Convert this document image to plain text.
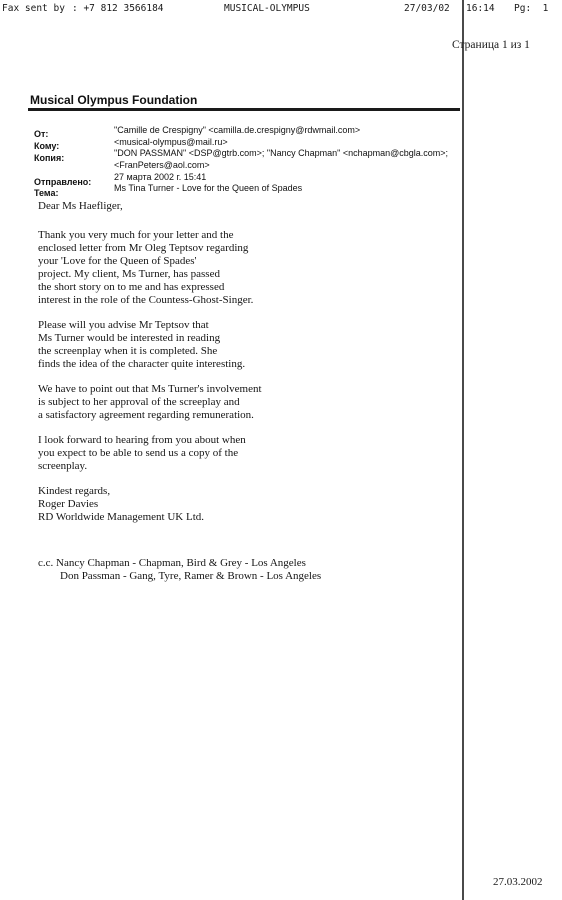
Fax sent by : +7 812 3566184	MUSICAL-OLYMPUS	27/03/02 16:14 Pg:  1
Страница 1 из 1
Musical Olympus Foundation
От:	"Camille de Crespigny" <camilla.de.crespigny@rdwmail.com>
Кому:	<musical-olympus@mail.ru>
Копия:	"DON PASSMAN" <DSP@gtrb.com>; "Nancy Chapman" <nchapman@cbgla.com>;
<FranPeters@aol.com>
Отправлено:	27 марта 2002 г. 15:41
Тема:	Ms Tina Turner - Love for the Queen of Spades
Dear Ms Haefliger,
Thank you very much for your letter and the
enclosed letter from Mr Oleg Teptsov regarding
your 'Love for the Queen of Spades'
project. My client, Ms Turner, has passed
the short story on to me and has expressed
interest in the role of the Countess-Ghost-Singer.
Please will you advise Mr Teptsov that
Ms Turner would be interested in reading
the screenplay when it is completed. She
finds the idea of the character quite interesting.
We have to point out that Ms Turner's involvement
is subject to her approval of the screeplay and
a satisfactory agreement regarding remuneration.
I look forward to hearing from you about when
you expect to be able to send us a copy of the
screenplay.
Kindest regards,
Roger Davies
RD Worldwide Management UK Ltd.
c.c. Nancy Chapman - Chapman, Bird & Grey - Los Angeles
Don Passman - Gang, Tyre, Ramer & Brown - Los Angeles
27.03.2002
